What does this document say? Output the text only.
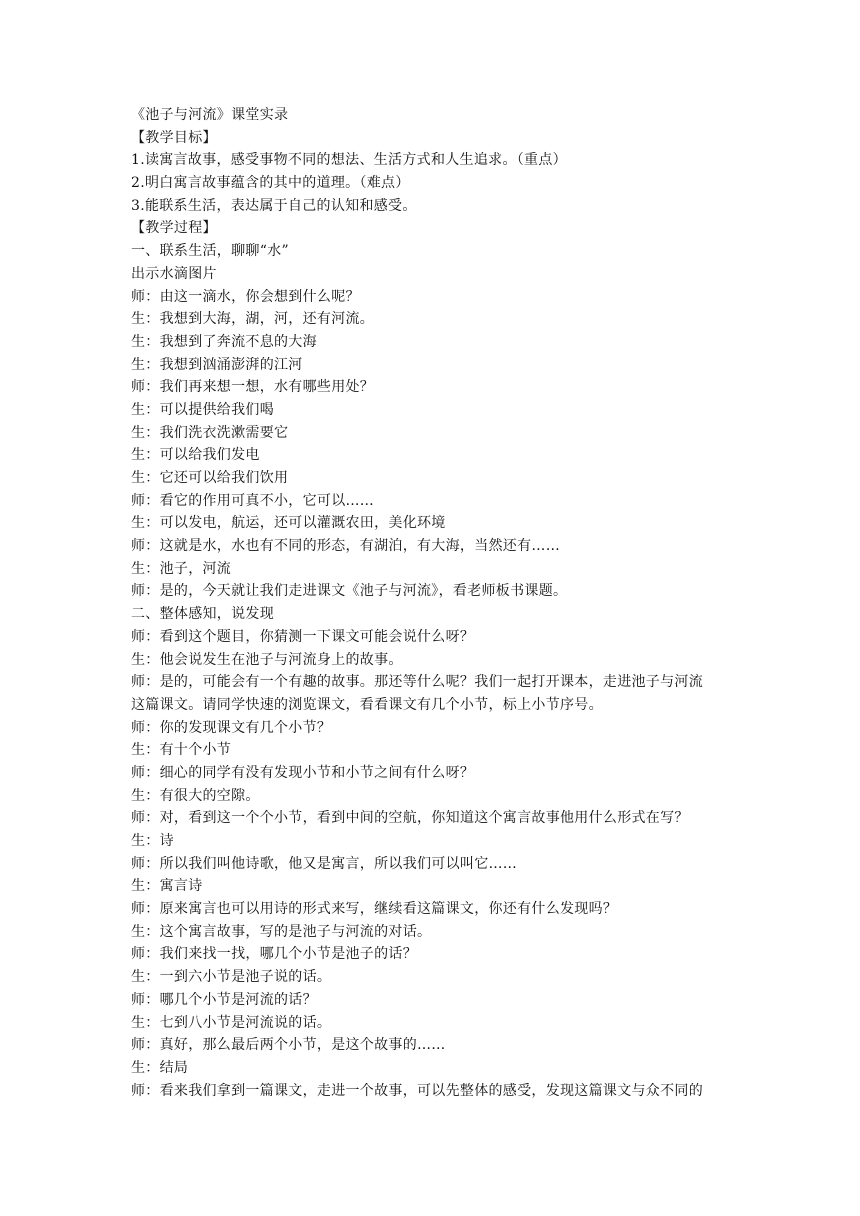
《池子与河流》课堂实录
【教学目标】
1.读寓言故事，感受事物不同的想法、生活方式和人生追求。（重点）
2.明白寓言故事蕴含的其中的道理。（难点）
3.能联系生活，表达属于自己的认知和感受。
【教学过程】
一、联系生活，聊聊“水”
出示水滴图片
师：由这一滴水，你会想到什么呢？
生：我想到大海，湖，河，还有河流。
生：我想到了奔流不息的大海
生：我想到汹涌澎湃的江河
师：我们再来想一想，水有哪些用处？
生：可以提供给我们喝
生：我们洗衣洗漱需要它
生：可以给我们发电
生：它还可以给我们饮用
师：看它的作用可真不小，它可以……
生：可以发电，航运，还可以灌溉农田，美化环境
师：这就是水，水也有不同的形态，有湖泊，有大海，当然还有……
生：池子，河流
师：是的，今天就让我们走进课文《池子与河流》，看老师板书课题。
二、整体感知，说发现
师：看到这个题目，你猜测一下课文可能会说什么呀？
生：他会说发生在池子与河流身上的故事。
师：是的，可能会有一个有趣的故事。那还等什么呢？我们一起打开课本，走进池子与河流
这篇课文。请同学快速的浏览课文，看看课文有几个小节，标上小节序号。
师：你的发现课文有几个小节？
生：有十个小节
师：细心的同学有没有发现小节和小节之间有什么呀？
生：有很大的空隙。
师：对，看到这一个个小节，看到中间的空航，你知道这个寓言故事他用什么形式在写？
生：诗
师：所以我们叫他诗歌，他又是寓言，所以我们可以叫它……
生：寓言诗
师：原来寓言也可以用诗的形式来写，继续看这篇课文，你还有什么发现吗？
生：这个寓言故事，写的是池子与河流的对话。
师：我们来找一找，哪几个小节是池子的话？
生：一到六小节是池子说的话。
师：哪几个小节是河流的话？
生：七到八小节是河流说的话。
师：真好，那么最后两个小节，是这个故事的……
生：结局
师：看来我们拿到一篇课文，走进一个故事，可以先整体的感受，发现这篇课文与众不同的
